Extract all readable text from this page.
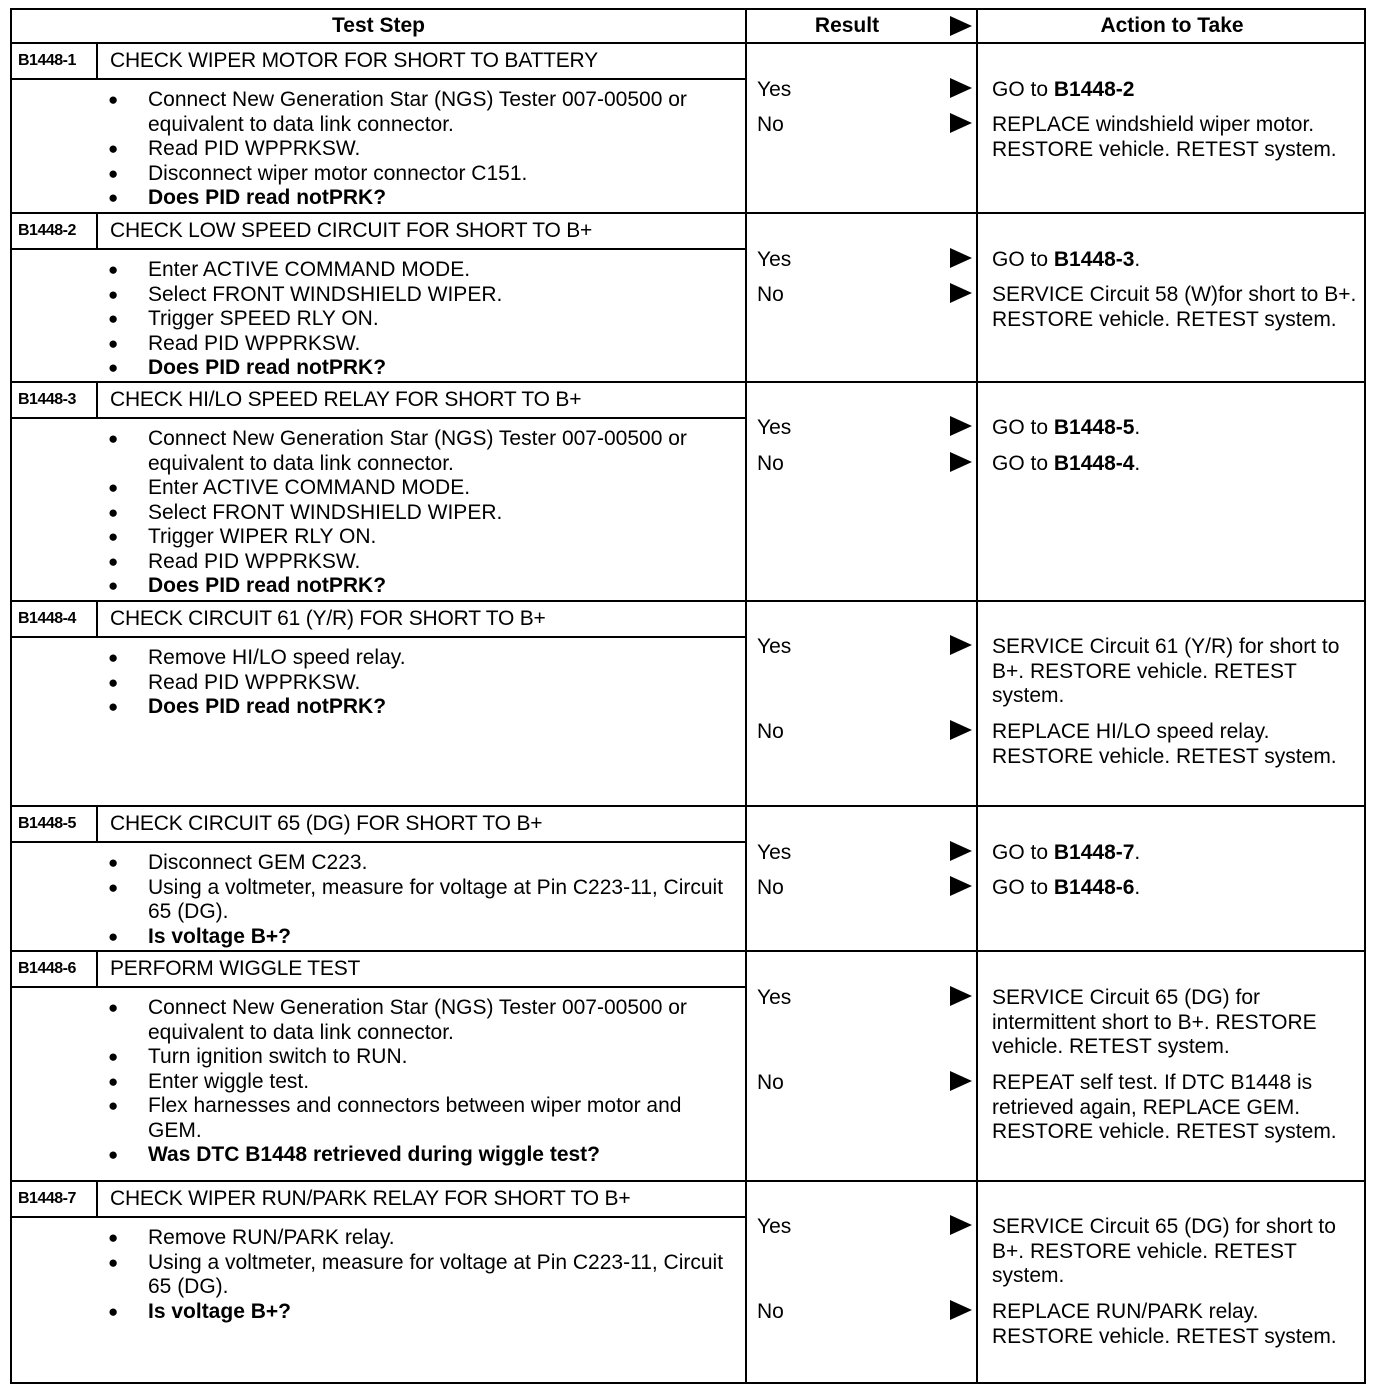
Test Step	Result	Action to Take
B1448-1	CHECK WIPER MOTOR FOR SHORT TO BATTERY
● Connect New Generation Star (NGS) Tester 007-00500 or equivalent to data link connector.
● Read PID WPPRKSW.
● Disconnect wiper motor connector C151.
● Does PID read notPRK?
Yes	GO to B1448-2
No	REPLACE windshield wiper motor. RESTORE vehicle. RETEST system.
B1448-2	CHECK LOW SPEED CIRCUIT FOR SHORT TO B+
● Enter ACTIVE COMMAND MODE.
● Select FRONT WINDSHIELD WIPER.
● Trigger SPEED RLY ON.
● Read PID WPPRKSW.
● Does PID read notPRK?
Yes	GO to B1448-3.
No	SERVICE Circuit 58 (W)for short to B+. RESTORE vehicle. RETEST system.
B1448-3	CHECK HI/LO SPEED RELAY FOR SHORT TO B+
● Connect New Generation Star (NGS) Tester 007-00500 or equivalent to data link connector.
● Enter ACTIVE COMMAND MODE.
● Select FRONT WINDSHIELD WIPER.
● Trigger WIPER RLY ON.
● Read PID WPPRKSW.
● Does PID read notPRK?
Yes	GO to B1448-5.
No	GO to B1448-4.
B1448-4	CHECK CIRCUIT 61 (Y/R) FOR SHORT TO B+
● Remove HI/LO speed relay.
● Read PID WPPRKSW.
● Does PID read notPRK?
Yes	SERVICE Circuit 61 (Y/R) for short to B+. RESTORE vehicle. RETEST system.
No	REPLACE HI/LO speed relay. RESTORE vehicle. RETEST system.
B1448-5	CHECK CIRCUIT 65 (DG) FOR SHORT TO B+
● Disconnect GEM C223.
● Using a voltmeter, measure for voltage at Pin C223-11, Circuit 65 (DG).
● Is voltage B+?
Yes	GO to B1448-7.
No	GO to B1448-6.
B1448-6	PERFORM WIGGLE TEST
● Connect New Generation Star (NGS) Tester 007-00500 or equivalent to data link connector.
● Turn ignition switch to RUN.
● Enter wiggle test.
● Flex harnesses and connectors between wiper motor and GEM.
● Was DTC B1448 retrieved during wiggle test?
Yes	SERVICE Circuit 65 (DG) for intermittent short to B+. RESTORE vehicle. RETEST system.
No	REPEAT self test. If DTC B1448 is retrieved again, REPLACE GEM. RESTORE vehicle. RETEST system.
B1448-7	CHECK WIPER RUN/PARK RELAY FOR SHORT TO B+
● Remove RUN/PARK relay.
● Using a voltmeter, measure for voltage at Pin C223-11, Circuit 65 (DG).
● Is voltage B+?
Yes	SERVICE Circuit 65 (DG) for short to B+. RESTORE vehicle. RETEST system.
No	REPLACE RUN/PARK relay. RESTORE vehicle. RETEST system.
